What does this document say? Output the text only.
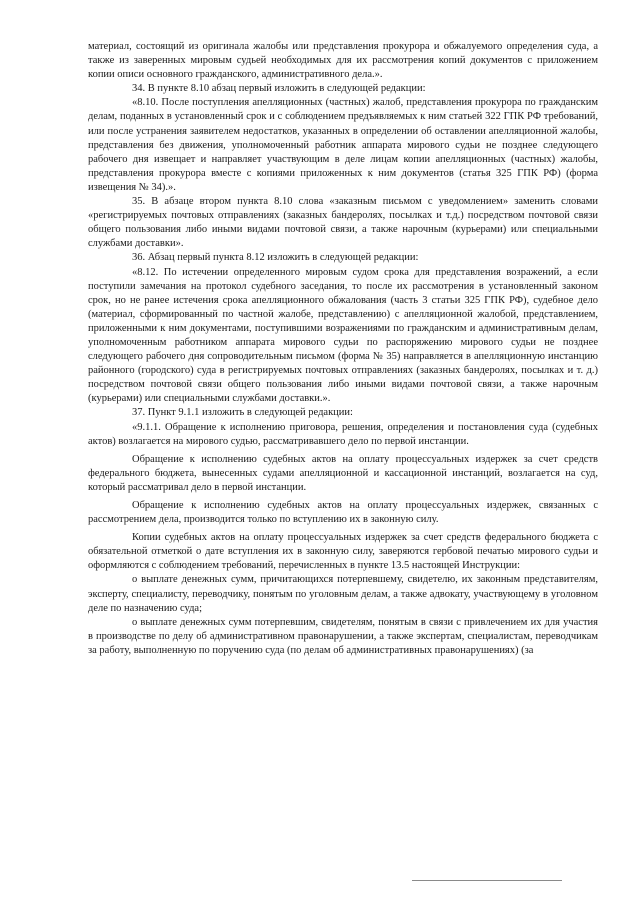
материал, состоящий из оригинала жалобы или представления прокурора и обжалуемого определения суда, а также из заверенных мировым судьей необходимых для их рассмотрения копий документов с приложением копии описи основного гражданского, административного дела.».

34. В пункте 8.10 абзац первый изложить в следующей редакции:

«8.10. После поступления апелляционных (частных) жалоб, представления прокурора по гражданским делам, поданных в установленный срок и с соблюдением предъявляемых к ним статьей 322 ГПК РФ требований, или после устранения заявителем недостатков, указанных в определении об оставлении апелляционной жалобы, представления без движения, уполномоченный работник аппарата мирового судьи не позднее следующего рабочего дня извещает и направляет участвующим в деле лицам копии апелляционных (частных) жалобы, представления прокурора вместе с копиями приложенных к ним документов (статья 325 ГПК РФ) (форма извещения № 34).».

35. В абзаце втором пункта 8.10 слова «заказным письмом с уведомлением» заменить словами «регистрируемых почтовых отправлениях (заказных бандеролях, посылках и т.д.) посредством почтовой связи общего пользования либо иными видами почтовой связи, а также нарочным (курьерами) или специальными службами доставки».

36. Абзац первый пункта 8.12 изложить в следующей редакции:

«8.12. По истечении определенного мировым судом срока для представления возражений, а если поступили замечания на протокол судебного заседания, то после их рассмотрения в установленный законом срок, но не ранее истечения срока апелляционного обжалования (часть 3 статьи 325 ГПК РФ), судебное дело (материал, сформированный по частной жалобе, представлению) с апелляционной жалобой, представлением, приложенными к ним документами, поступившими возражениями по гражданским и административным делам, уполномоченным работником аппарата мирового судьи по распоряжению мирового судьи не позднее следующего рабочего дня сопроводительным письмом (форма № 35) направляется в апелляционную инстанцию районного (городского) суда в регистрируемых почтовых отправлениях (заказных бандеролях, посылках и т. д.) посредством почтовой связи общего пользования либо иными видами почтовой связи, а также нарочным (курьерами) или специальными службами доставки.».

37. Пункт 9.1.1 изложить в следующей редакции:

«9.1.1. Обращение к исполнению приговора, решения, определения и постановления суда (судебных актов) возлагается на мирового судью, рассматривавшего дело по первой инстанции.

Обращение к исполнению судебных актов на оплату процессуальных издержек за счет средств федерального бюджета, вынесенных судами апелляционной и кассационной инстанций, возлагается на суд, который рассматривал дело в первой инстанции.

Обращение к исполнению судебных актов на оплату процессуальных издержек, связанных с рассмотрением дела, производится только по вступлению их в законную силу.

Копии судебных актов на оплату процессуальных издержек за счет средств федерального бюджета с обязательной отметкой о дате вступления их в законную силу, заверяются гербовой печатью мирового судьи и оформляются с соблюдением требований, перечисленных в пункте 13.5 настоящей Инструкции:

о выплате денежных сумм, причитающихся потерпевшему, свидетелю, их законным представителям, эксперту, специалисту, переводчику, понятым по уголовным делам, а также адвокату, участвующему в уголовном деле по назначению суда;

о выплате денежных сумм потерпевшим, свидетелям, понятым в связи с привлечением их для участия в производстве по делу об административном правонарушении, а также экспертам, специалистам, переводчикам за работу, выполненную по поручению суда (по делам об административных правонарушениях) (за
